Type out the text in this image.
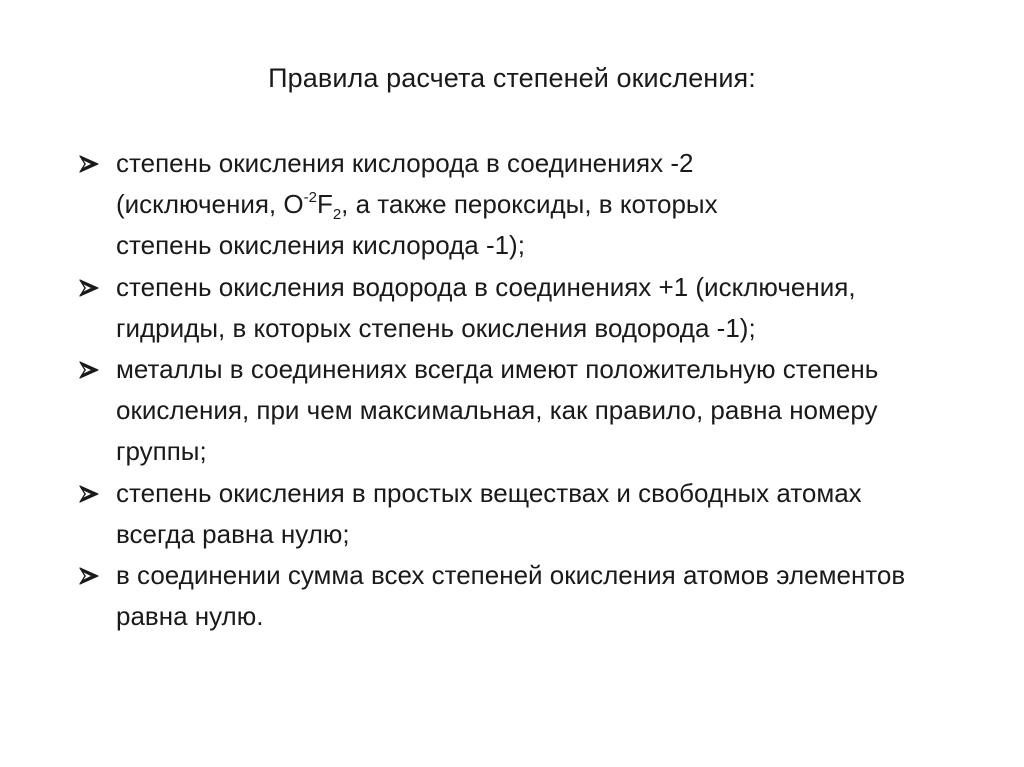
Правила расчета степеней окисления:
степень окисления кислорода в соединениях -2
(исключения, $O^{-2}F_2$, а также пероксиды, в которых
степень окисления кислорода -1);
степень окисления водорода в соединениях +1 (исключения, гидриды, в которых степень окисления водорода -1);
металлы в соединениях всегда имеют положительную степень окисления, при чем максимальная, как правило, равна номеру группы;
степень окисления в простых веществах и свободных атомах всегда равна нулю;
в соединении сумма всех степеней окисления атомов элементов равна нулю.
